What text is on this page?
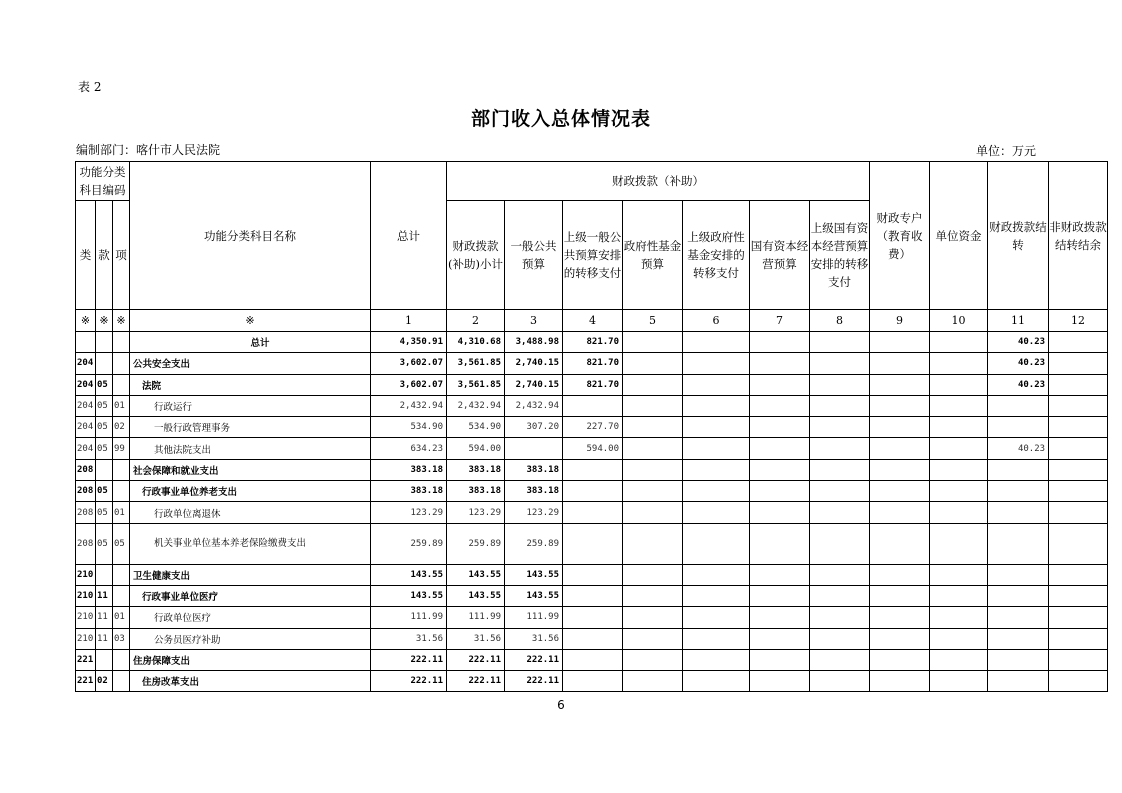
表 2
部门收入总体情况表
编制部门：喀什市人民法院	单位：万元
功能分类科目编码			功能分类科目名称	总计	财政拨款（补助）							财政专户（教育收费）	单位资金	财政拨款结转	非财政拨款结转结余
类	款	项			财政拨款(补助)小计	一般公共预算	上级一般公共预算安排的转移支付	政府性基金预算	上级政府性基金安排的转移支付	国有资本经营预算	上级国有资本经营预算安排的转移支付				
※	※	※	※	1	2	3	4	5	6	7	8	9	10	11	12
			总计	4,350.91	4,310.68	3,488.98	821.70							40.23	
204			公共安全支出	3,602.07	3,561.85	2,740.15	821.70							40.23	
204	05		法院	3,602.07	3,561.85	2,740.15	821.70							40.23	
204	05	01	行政运行	2,432.94	2,432.94	2,432.94									
204	05	02	一般行政管理事务	534.90	534.90	307.20	227.70								
204	05	99	其他法院支出	634.23	594.00		594.00							40.23	
208			社会保障和就业支出	383.18	383.18	383.18									
208	05		行政事业单位养老支出	383.18	383.18	383.18									
208	05	01	行政单位离退休	123.29	123.29	123.29									
208	05	05	机关事业单位基本养老保险缴费支出	259.89	259.89	259.89									
210			卫生健康支出	143.55	143.55	143.55									
210	11		行政事业单位医疗	143.55	143.55	143.55									
210	11	01	行政单位医疗	111.99	111.99	111.99									
210	11	03	公务员医疗补助	31.56	31.56	31.56									
221			住房保障支出	222.11	222.11	222.11									
221	02		住房改革支出	222.11	222.11	222.11									
6
